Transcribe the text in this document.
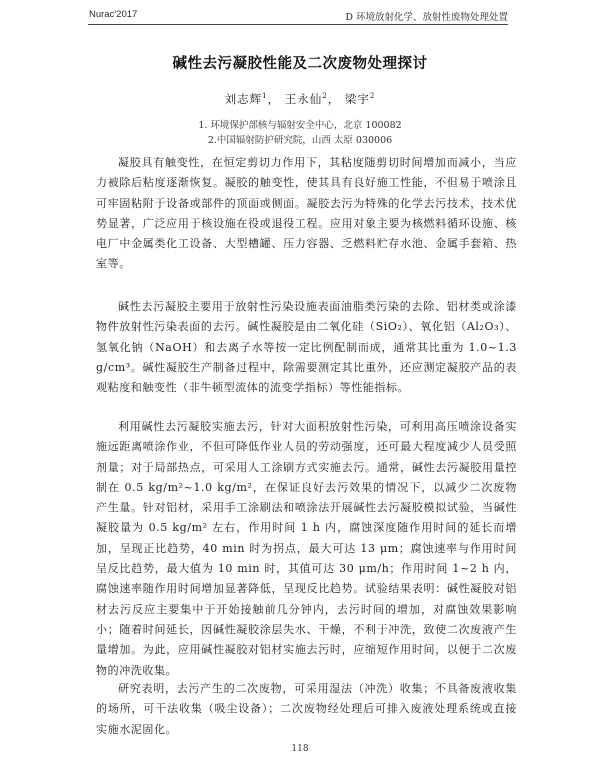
Nurac'2017	D 环境放射化学、放射性废物处理处置
碱性去污凝胶性能及二次废物处理探讨
刘志辉$^1$， 王永仙$^2$， 梁宇$^2$
1. 环境保护部核与辐射安全中心，北京 100082
2.中国辐射防护研究院，山西 太原 030006

凝胶具有触变性，在恒定剪切力作用下，其粘度随剪切时间增加而减小，当应力被除后粘度逐渐恢复。凝胶的触变性，使其具有良好施工性能，不但易于喷涂且可牢固粘附于设备或部件的顶面或侧面。凝胶去污为特殊的化学去污技术，技术优势显著，广泛应用于核设施在役或退役工程。应用对象主要为核燃料循环设施、核电厂中金属类化工设备、大型槽罐、压力容器、乏燃料贮存水池、金属手套箱、热室等。

碱性去污凝胶主要用于放射性污染设施表面油脂类污染的去除、铝材类或涂漆物件放射性污染表面的去污。碱性凝胶是由二氧化硅（SiO₂）、氧化铝（Al₂O₃）、氢氧化钠（NaOH）和去离子水等按一定比例配制而成，通常其比重为 1.0~1.3 g/cm³。碱性凝胶生产制备过程中，除需要测定其比重外，还应测定凝胶产品的表观粘度和触变性（非牛顿型流体的流变学指标）等性能指标。

利用碱性去污凝胶实施去污，针对大面积放射性污染，可利用高压喷涂设备实施远距离喷涂作业，不但可降低作业人员的劳动强度，还可最大程度减少人员受照剂量；对于局部热点，可采用人工涂刷方式实施去污。通常，碱性去污凝胶用量控制在 0.5 kg/m²~1.0 kg/m²，在保证良好去污效果的情况下，以减少二次废物产生量。针对铝材，采用手工涂刷法和喷涂法开展碱性去污凝胶模拟试验，当碱性凝胶量为 0.5 kg/m² 左右，作用时间 1 h 内，腐蚀深度随作用时间的延长而增加，呈现正比趋势，40 min 时为拐点，最大可达 13 μm；腐蚀速率与作用时间呈反比趋势，最大值为 10 min 时，其值可达 30 μm/h；作用时间 1~2 h 内，腐蚀速率随作用时间增加显著降低，呈现反比趋势。试验结果表明：碱性凝胶对铝材去污反应主要集中于开始接触前几分钟内，去污时间的增加，对腐蚀效果影响小；随着时间延长，因碱性凝胶涂层失水、干燥，不利于冲洗，致使二次废液产生量增加。为此，应用碱性凝胶对铝材实施去污时，应缩短作用时间，以便于二次废物的冲洗收集。

研究表明，去污产生的二次废物，可采用湿法（冲洗）收集；不具备废液收集的场所，可干法收集（吸尘设备）；二次废物经处理后可排入废液处理系统或直接实施水泥固化。

118
